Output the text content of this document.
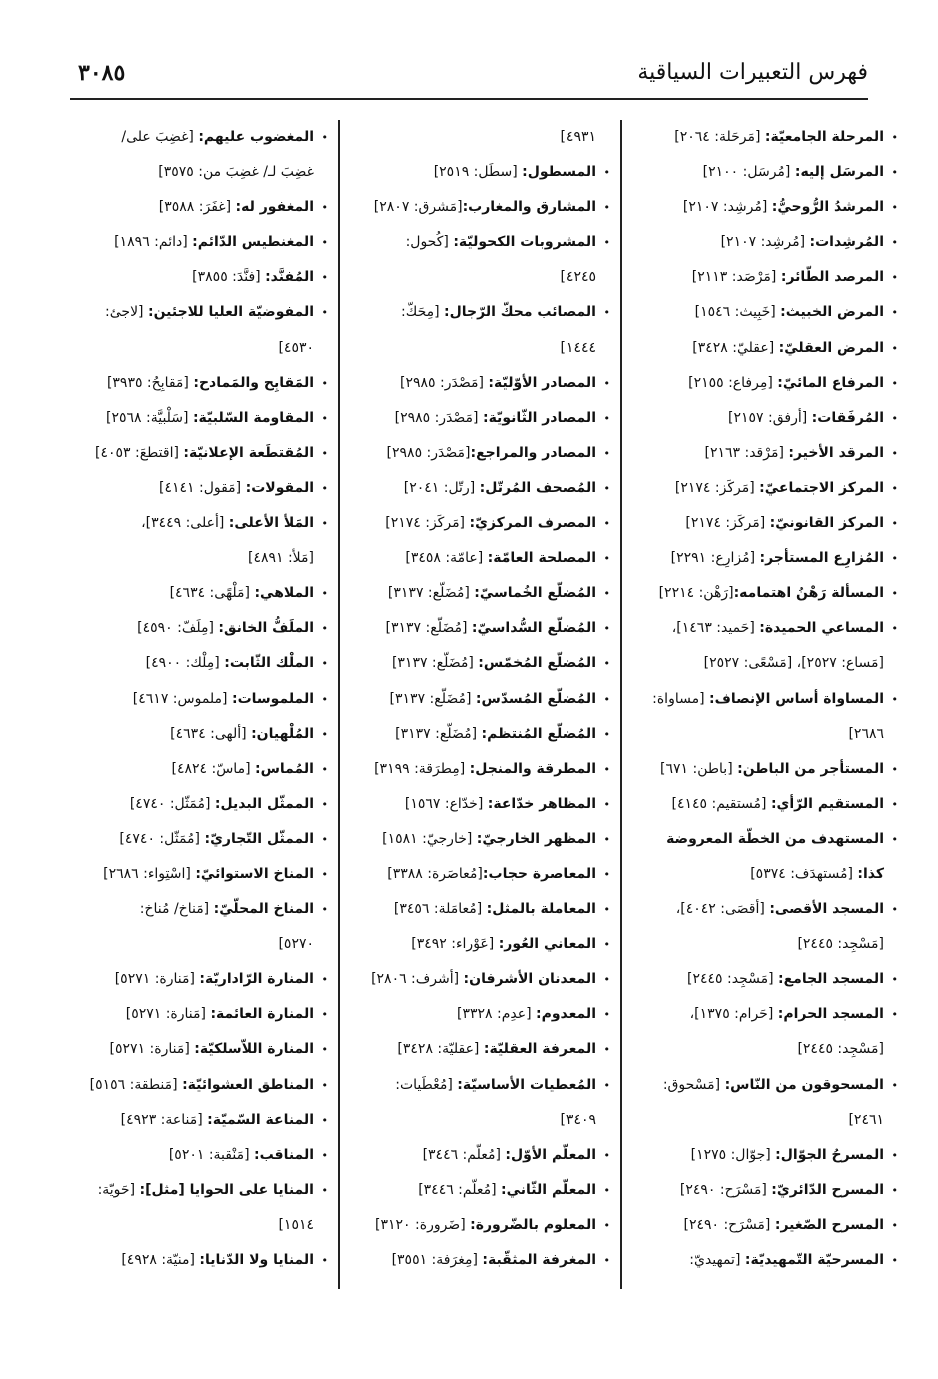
فهرس التعبيرات السياقية
٣٠٨٥
•المرحلة الجامعيّة: [مَرحَلة: ٢٠٦٤]
•المرسَل إليه: [مُرسَل: ٢١٠٠]
•المرشدُ الرُّوحيُّ: [مُرشِد: ٢١٠٧]
•المُرشِدات: [مُرشِد: ٢١٠٧]
•المرصد الطّائر: [مَرْصَد: ٢١١٣]
•المرض الخبيث: [خَبِيث: ١٥٤٦]
•المرض العقليّ: [عقليّ: ٣٤٢٨]
•المرفاع المائيّ: [مِرفاع: ٢١٥٥]
•المُرفَقات: [أرفق: ٢١٥٧]
•المرقد الأخير: [مَرْقد: ٢١٦٣]
•المركز الاجتماعيّ: [مَركَز: ٢١٧٤]
•المركز القانونيّ: [مَركَز: ٢١٧٤]
•المُزارِع المستأجر: [مُزارِع: ٢٢٩١]
•المسألة رَهْنُ اهتمامه:[رَهْن: ٢٢١٤]
•المساعي الحميدة: [حَميد: ١٤٦٣]،
[مَساع: ٢٥٢٧]، [مَسْعًى: ٢٥٢٧]
•المساواة أساس الإنصاف: [مساواة:
٢٦٨٦]
•المستأجر من الباطن: [باطن: ٦٧١]
•المستقيم الرّأي: [مُستقيم: ٤١٤٥]
•المستهدف من الخطّة المعروضة
كذا: [مُستهدَف: ٥٣٧٤]
•المسجد الأقصى: [أقصَى: ٤٠٤٢]،
[مَسْجِد: ٢٤٤٥]
•المسجد الجامع: [مَسْجِد: ٢٤٤٥]
•المسجد الحرام: [حَرام: ١٣٧٥]،
[مَسْجِد: ٢٤٤٥]
•المسحوقون من النّاس: [مَسْحوق:
٢٤٦١]
•المسرحُ الجوّال: [جوّال: ١٢٧٥]
•المسرح الدّائريّ: [مَسْرَح: ٢٤٩٠]
•المسرح الصّغير: [مَسْرَح: ٢٤٩٠]
•المسرحيّة التّمهيديّة: [تمهيديّ:
٤٩٣١]
•المسطول: [سطَل: ٢٥١٩]
•المشارق والمغارب:[مَشرق: ٢٨٠٧]
•المشروبات الكحوليّة: [كُحول:
٤٢٤٥]
•المصائب محكّ الرّجال: [مِحَكّ:
١٤٤٤]
•المصادر الأوّليّة: [مَصْدَر: ٢٩٨٥]
•المصادر الثّانويّة: [مَصْدَر: ٢٩٨٥]
•المصادر والمراجع:[مَصْدَر: ٢٩٨٥]
•المُصحف المُرتّل: [رتّل: ٢٠٤١]
•المصرف المركزيّ: [مَركَز: ٢١٧٤]
•المصلحة العامّة: [عامّة: ٣٤٥٨]
•المُضلّع الخُماسيّ: [مُضَلّع: ٣١٣٧]
•المُضلّع السُّداسيّ: [مُضَلّع: ٣١٣٧]
•المُضلّع المُخمّس: [مُضَلّع: ٣١٣٧]
•المُضلّع المُسدّس: [مُضَلّع: ٣١٣٧]
•المُضلّع المُنتظم: [مُضَلّع: ٣١٣٧]
•المطرقة والمنجل: [مِطرَقة: ٣١٩٩]
•المظاهر خدّاعة: [خدّاع: ١٥٦٧]
•المظهر الخارجيّ: [خارجيّ: ١٥٨١]
•المعاصرة حجاب:[مُعاصَرة: ٣٣٨٨]
•المعاملة بالمثل: [مُعامَلة: ٣٤٥٦]
•المعاني العُور: [عَوْراء: ٣٤٩٢]
•المعدنان الأشرفان: [أشرف: ٢٨٠٦]
•المعدوم: [عدِم: ٣٣٢٨]
•المعرفة العقليّة: [عقليّة: ٣٤٢٨]
•المُعطيات الأساسيّة: [مُعْطَيات:
٣٤٠٩]
•المعلّم الأوّل: [مُعلّم: ٣٤٤٦]
•المعلّم الثّاني: [مُعلّم: ٣٤٤٦]
•المعلوم بالضّرورة: [ضَرورة: ٣١٢٠]
•المغرفة المثقّبة: [مِغرَفة: ٣٥٥١]
•المغضوب عليهم: [غضِبَ على/
غضِبَ لـ/ غضِبَ من: ٣٥٧٥]
•المغفور له: [غفَرَ: ٣٥٨٨]
•المغنطيس الدّائم: [دائم: ١٨٩٦]
•المُفنَّد: [فنَّدَ: ٣٨٥٥]
•المفوضيّة العليا للاجئين: [لاجئ:
٤٥٣٠]
•المَقابِح والمَمادح: [مَقابِحُ: ٣٩٣٥]
•المقاومة السّلبيّة: [سَلْبيَّة: ٢٥٦٨]
•المُقتطَعة الإعلانيّة: [اقتطعَ: ٤٠٥٣]
•المقولات: [مَقول: ٤١٤١]
•المَلأ الأعلى: [أعلى: ٣٤٤٩]،
[مَلأ: ٤٨٩١]
•الملاهي: [مَلْهًى: ٤٦٣٤]
•الملَفُّ الخانق: [مِلَفّ: ٤٥٩٠]
•الملْك الثّابت: [مِلْك: ٤٩٠٠]
•الملموسات: [ملموس: ٤٦١٧]
•المُلْهيان: [ألهى: ٤٦٣٤]
•المُماس: [ماسّ: ٤٨٢٤]
•الممثّل البديل: [مُمَثّل: ٤٧٤٠]
•الممثّل التّجاريّ: [مُمَثّل: ٤٧٤٠]
•المناخ الاستوائيّ: [اسْتِواء: ٢٦٨٦]
•المناخ المحلّيّ: [مَناخ/ مُناخ:
٥٢٧٠]
•المنارة الرّاداريّة: [مَنارة: ٥٢٧١]
•المنارة العائمة: [مَنارة: ٥٢٧١]
•المنارة اللاّسلكيّة: [مَنارة: ٥٢٧١]
•المناطق العشوائيّة: [مَنطقة: ٥١٥٦]
•المناعة السّميّة: [مَناعة: ٤٩٢٣]
•المناقب: [مَنْقبة: ٥٢٠١]
•المنايا على الحوايا [مثل]: [حَويّة:
١٥١٤]
•المنايا ولا الدّنايا: [منيّة: ٤٩٢٨]
